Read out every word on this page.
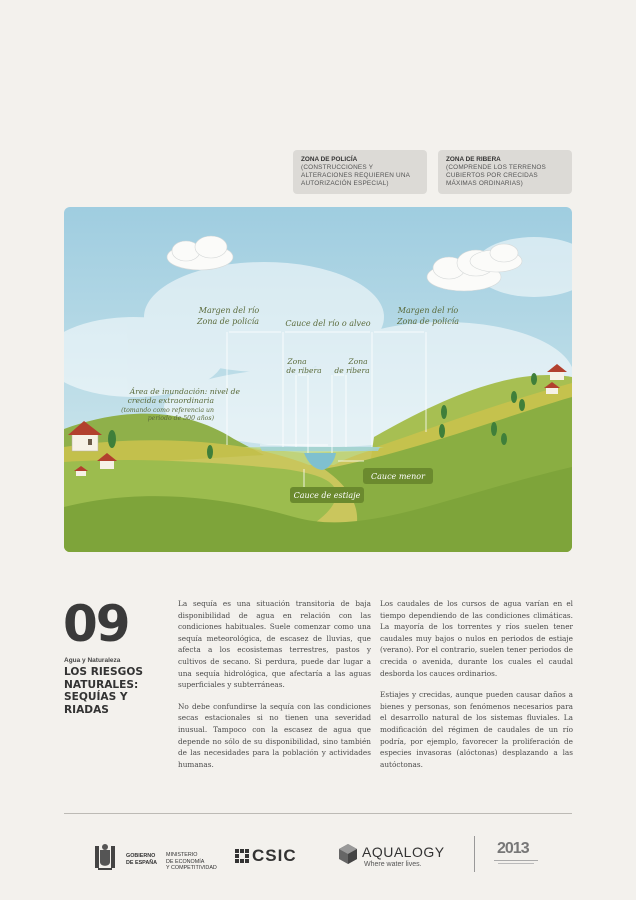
ZONA DE POLICÍA
(CONSTRUCCIONES Y ALTERACIONES REQUIEREN UNA AUTORIZACIÓN ESPECIAL)
ZONA DE RIBERA
(COMPRENDE LOS TERRENOS CUBIERTOS POR CRECIDAS MÁXIMAS ORDINARIAS)
Margen del río
Zona de policía
Margen del río
Zona de policía
Cauce del río o alveo
Zona
de ribera
Zona
de ribera
Área de inundación: nivel de
crecida extraordinaria
(tomando como referencia un
periodo de 500 años)
Cauce menor
Cauce de estiaje
09
Agua y Naturaleza
LOS RIESGOS
NATURALES:
SEQUÍAS Y
RIADAS

La sequía es una situación transitoria de baja disponibilidad de agua en relación con las condiciones habituales. Suele comenzar como una sequía meteorológica, de escasez de lluvias, que afecta a los ecosistemas terrestres, pastos y cultivos de secano. Si perdura, puede dar lugar a una sequía hidrológica, que afectaría a las aguas superficiales y subterráneas.

No debe confundirse la sequía con las condiciones secas estacionales si no tienen una severidad inusual. Tampoco con la escasez de agua que depende no sólo de su disponibilidad, sino también de las necesidades para la población y actividades humanas.

Los caudales de los cursos de agua varían en el tiempo dependiendo de las condiciones climáticas. La mayoría de los torrentes y ríos suelen tener caudales muy bajos o nulos en periodos de estiaje (verano). Por el contrario, suelen tener periodos de crecida o avenida, durante los cuales el caudal desborda los cauces ordinarios.

Estiajes y crecidas, aunque pueden causar daños a bienes y personas, son fenómenos necesarios para el desarrollo natural de los sistemas fluviales. La modificación del régimen de caudales de un río podría, por ejemplo, favorecer la proliferación de especies invasoras (alóctonas) desplazando a las autóctonas.

GOBIERNO
DE ESPAÑA
MINISTERIO
DE ECONOMÍA
Y COMPETITIVIDAD
CSIC	AQUALOGY
Where water lives.
2013
